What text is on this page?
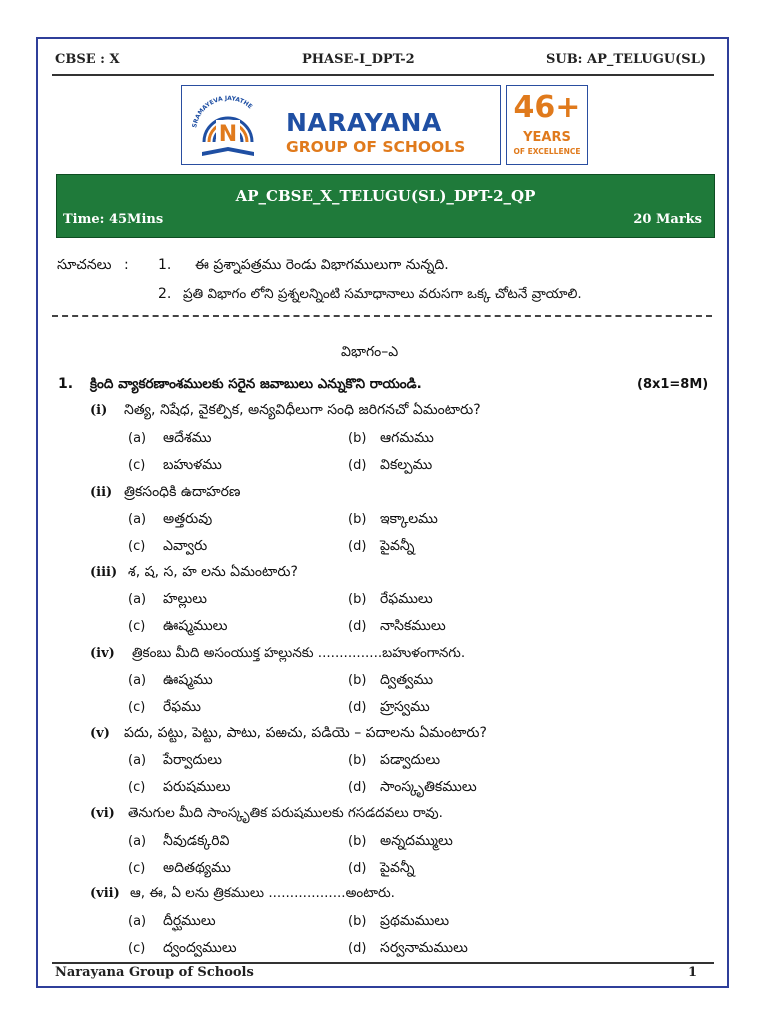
CBSE : X	PHASE-I_DPT-2	SUB: AP_TELUGU(SL)
SRAMAYEVA JAYATHE
N NARAYANA
GROUP OF SCHOOLS
46+
YEARS
OF EXCELLENCE
AP_CBSE_X_TELUGU(SL)_DPT-2_QP
Time: 45Mins	20 Marks
సూచనలు : 1. ఈ ప్రశ్నాపత్రము రెండు విభాగములుగా నున్నది.
2. ప్రతి విభాగం లోని ప్రశ్నలన్నింటి సమాధానాలు వరుసగా ఒక్క చోటనే వ్రాయాలి.
విభాగం–ఎ
1. క్రింది వ్యాకరణాంశములకు సరైన జవాబులు ఎన్నుకొని రాయండి.	(8x1=8M)
(i) నిత్య, నిషేధ, వైకల్పిక, అన్యవిధీలుగా సంధి జరిగనచో ఏమంటారు?
(a) ఆదేశము	(b) ఆగమము
(c) బహుళము	(d) వికల్పము
(ii) త్రికసంధికి ఉదాహరణ
(a) అత్తరువు	(b) ఇక్కాలము
(c) ఎవ్వారు	(d) పైవన్నీ
(iii) శ, ష, స, హ లను ఏమంటారు?
(a) హల్లులు	(b) రేఫములు
(c) ఊష్మములు	(d) నాసికములు
(iv) త్రికంబు మీది అసంయుక్త హల్లునకు ...............బహుళంగానగు.
(a) ఊష్మము	(b) ద్విత్వము
(c) రేఫము	(d) హ్రస్వము
(v) పదు, పట్టు, పెట్టు, పాటు, పఱచు, పడియె – పదాలను ఏమంటారు?
(a) పేర్వాదులు	(b) పడ్వాదులు
(c) పరుషములు	(d) సాంస్కృతికములు
(vi) తెనుగుల మీది సాంస్కృతిక పరుషములకు గసడదవలు రావు.
(a) నీవుడక్కరివి	(b) అన్నదమ్ములు
(c) అదితథ్యము	(d) పైవన్నీ
(vii) ఆ, ఈ, ఏ లను త్రికములు ..................అంటారు.
(a) దీర్ఘములు	(b) ప్రథమములు
(c) ద్వంద్వములు	(d) సర్వనామములు
Narayana Group of Schools	1
